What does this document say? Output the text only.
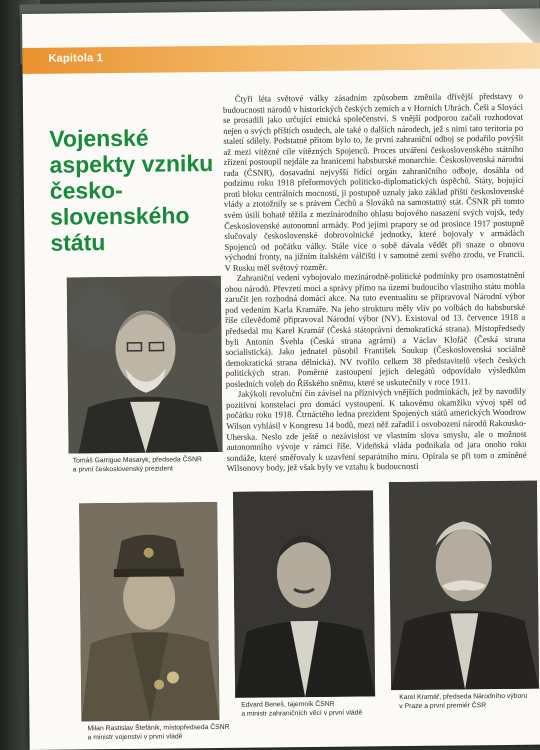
Kapitola 1
Vojenské aspekty vzniku česko-slovenského státu

Čtyři léta světové války zásadním způsobem změnila dřívější představy o budoucnosti národů v historických českých zemích a v Horních Uhrách. Češi a Slováci se prosadili jako určující etnická společenství. S vnější podporou začali rozhodovat nejen o svých příštích osudech, ale také o dalších národech, jež s nimi tato teritoria po staletí sdílely. Podstatné přitom bylo to, že první zahraniční odboj se podařilo povýšit až mezi vítězné cíle vítězných Spojenců. Proces utváření československého státního zřízení postoupil nejdále za hranicemi habsburské monarchie. Československá národní rada (ČSNR), dosavadní nejvyšší řídící orgán zahraničního odboje, dosáhla od podzimu roku 1918 přeformových politicko-diplomatických úspěchů. Státy, bojující proti bloku centrálních mocností, ji postupně uznaly jako základ příští československé vlády a ztotožnily se s právem Čechů a Slováků na samostatný stát. ČSNR při tomto svém úsilí bohatě těžila z mezinárodního ohlasu bojového nasazení svých vojsk, tedy Československé autonomní armády. Pod jejími prapory se od prosince 1917 postupně slučovaly československé dobrovolnické jednotky, které bojovaly v armádách Spojenců od počátku války. Stále více o sobě dávala vědět při snaze o obnovu východní fronty, na jižním italském válčišti i v samotné zemi svého zrodu, ve Francii. V Rusku měl světový rozměr.

Zahraniční vedení vybojovalo mezinárodně-politické podmínky pro osamostatnění obou národů. Převzetí moci a správy přímo na území budoucího vlastního státu mohla zaručit jen rozhodná domácí akce. Na tuto eventualitu se připravoval Národní výbor pod vedením Karla Kramáře. Na jeho strukturu měly vliv po volbách do habsburské říše cílevědomě připravoval Národní výbor (NV). Existoval od 13. července 1918 a předsedal mu Karel Kramář (Česká státoprávní demokratická strana). Místopředsedy byli Antonín Švehla (Česká strana agrární) a Václav Klofáč (Česká strana socialistická). Jako jednatel působil František Soukup (Československá sociálně demokratická strana dělnická). NV tvořilo celkem 38 představitelů všech českých politických stran. Poměrné zastoupení jejich delegátů odpovídalo výsledkům posledních voleb do Říšského sněmu, které se uskutečnily v roce 1911.

Jakýkoli revoluční čin závisel na příznivých vnějších podmínkách, jež by navodily pozitivní konstelaci pro domácí vystoupení. K takovému okamžiku vývoj spěl od počátku roku 1918. Čtrnáctého ledna prezident Spojených států amerických Woodrow Wilson vyhlásil v Kongresu 14 bodů, mezi něž zařadil i osvobození národů Rakousko-Uherska. Neslo zde ještě o nezávislost ve vlastním slova smyslu, ale o možnost autonomního vývoje v rámci říše. Vídeňská vláda podnikala od jara onoho roku sondáže, které směřovaly k uzavření separátního míru. Opírala se při tom o zmíněné Wilsonovy body, jež však byly ve vztahu k budoucnosti

Tomáš Garrigue Masaryk, předseda ČSNR
a první československý prezident
Milan Rastislav Štefánik, místopředseda ČSNR
a ministr vojenství v první vládě
Edvard Beneš, tajemník ČSNR
a ministr zahraničních věcí v první vládě
Karel Kramář, předseda Národního výboru
v Praze a první premiér ČSR
